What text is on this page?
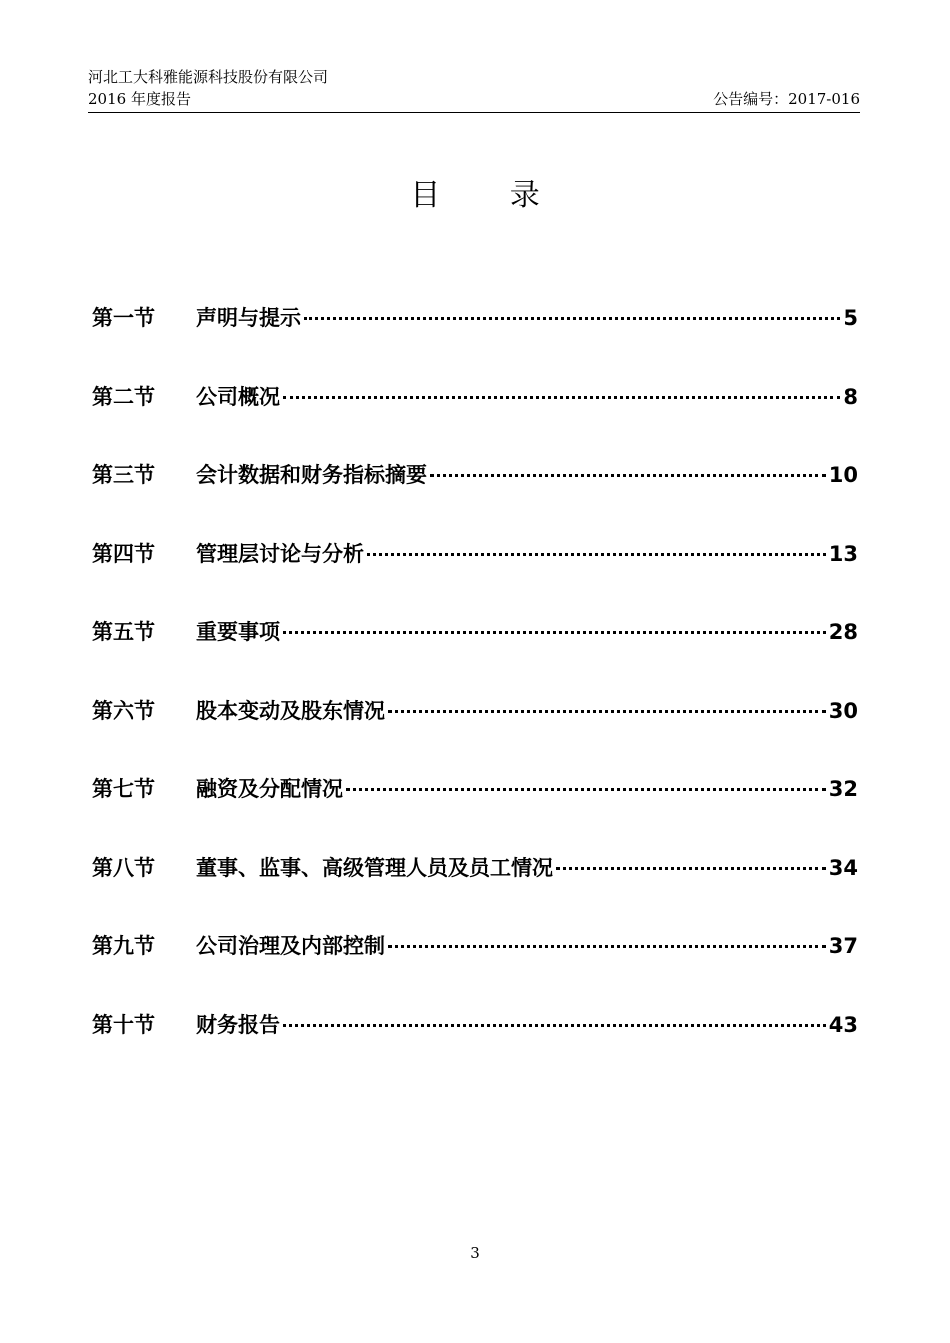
河北工大科雅能源科技股份有限公司
2016 年度报告	公告编号：2017-016
目 录
第一节	声明与提示	5
第二节	公司概况	8
第三节	会计数据和财务指标摘要	10
第四节	管理层讨论与分析	13
第五节	重要事项	28
第六节	股本变动及股东情况	30
第七节	融资及分配情况	32
第八节	董事、监事、高级管理人员及员工情况	34
第九节	公司治理及内部控制	37
第十节	财务报告	43
3
